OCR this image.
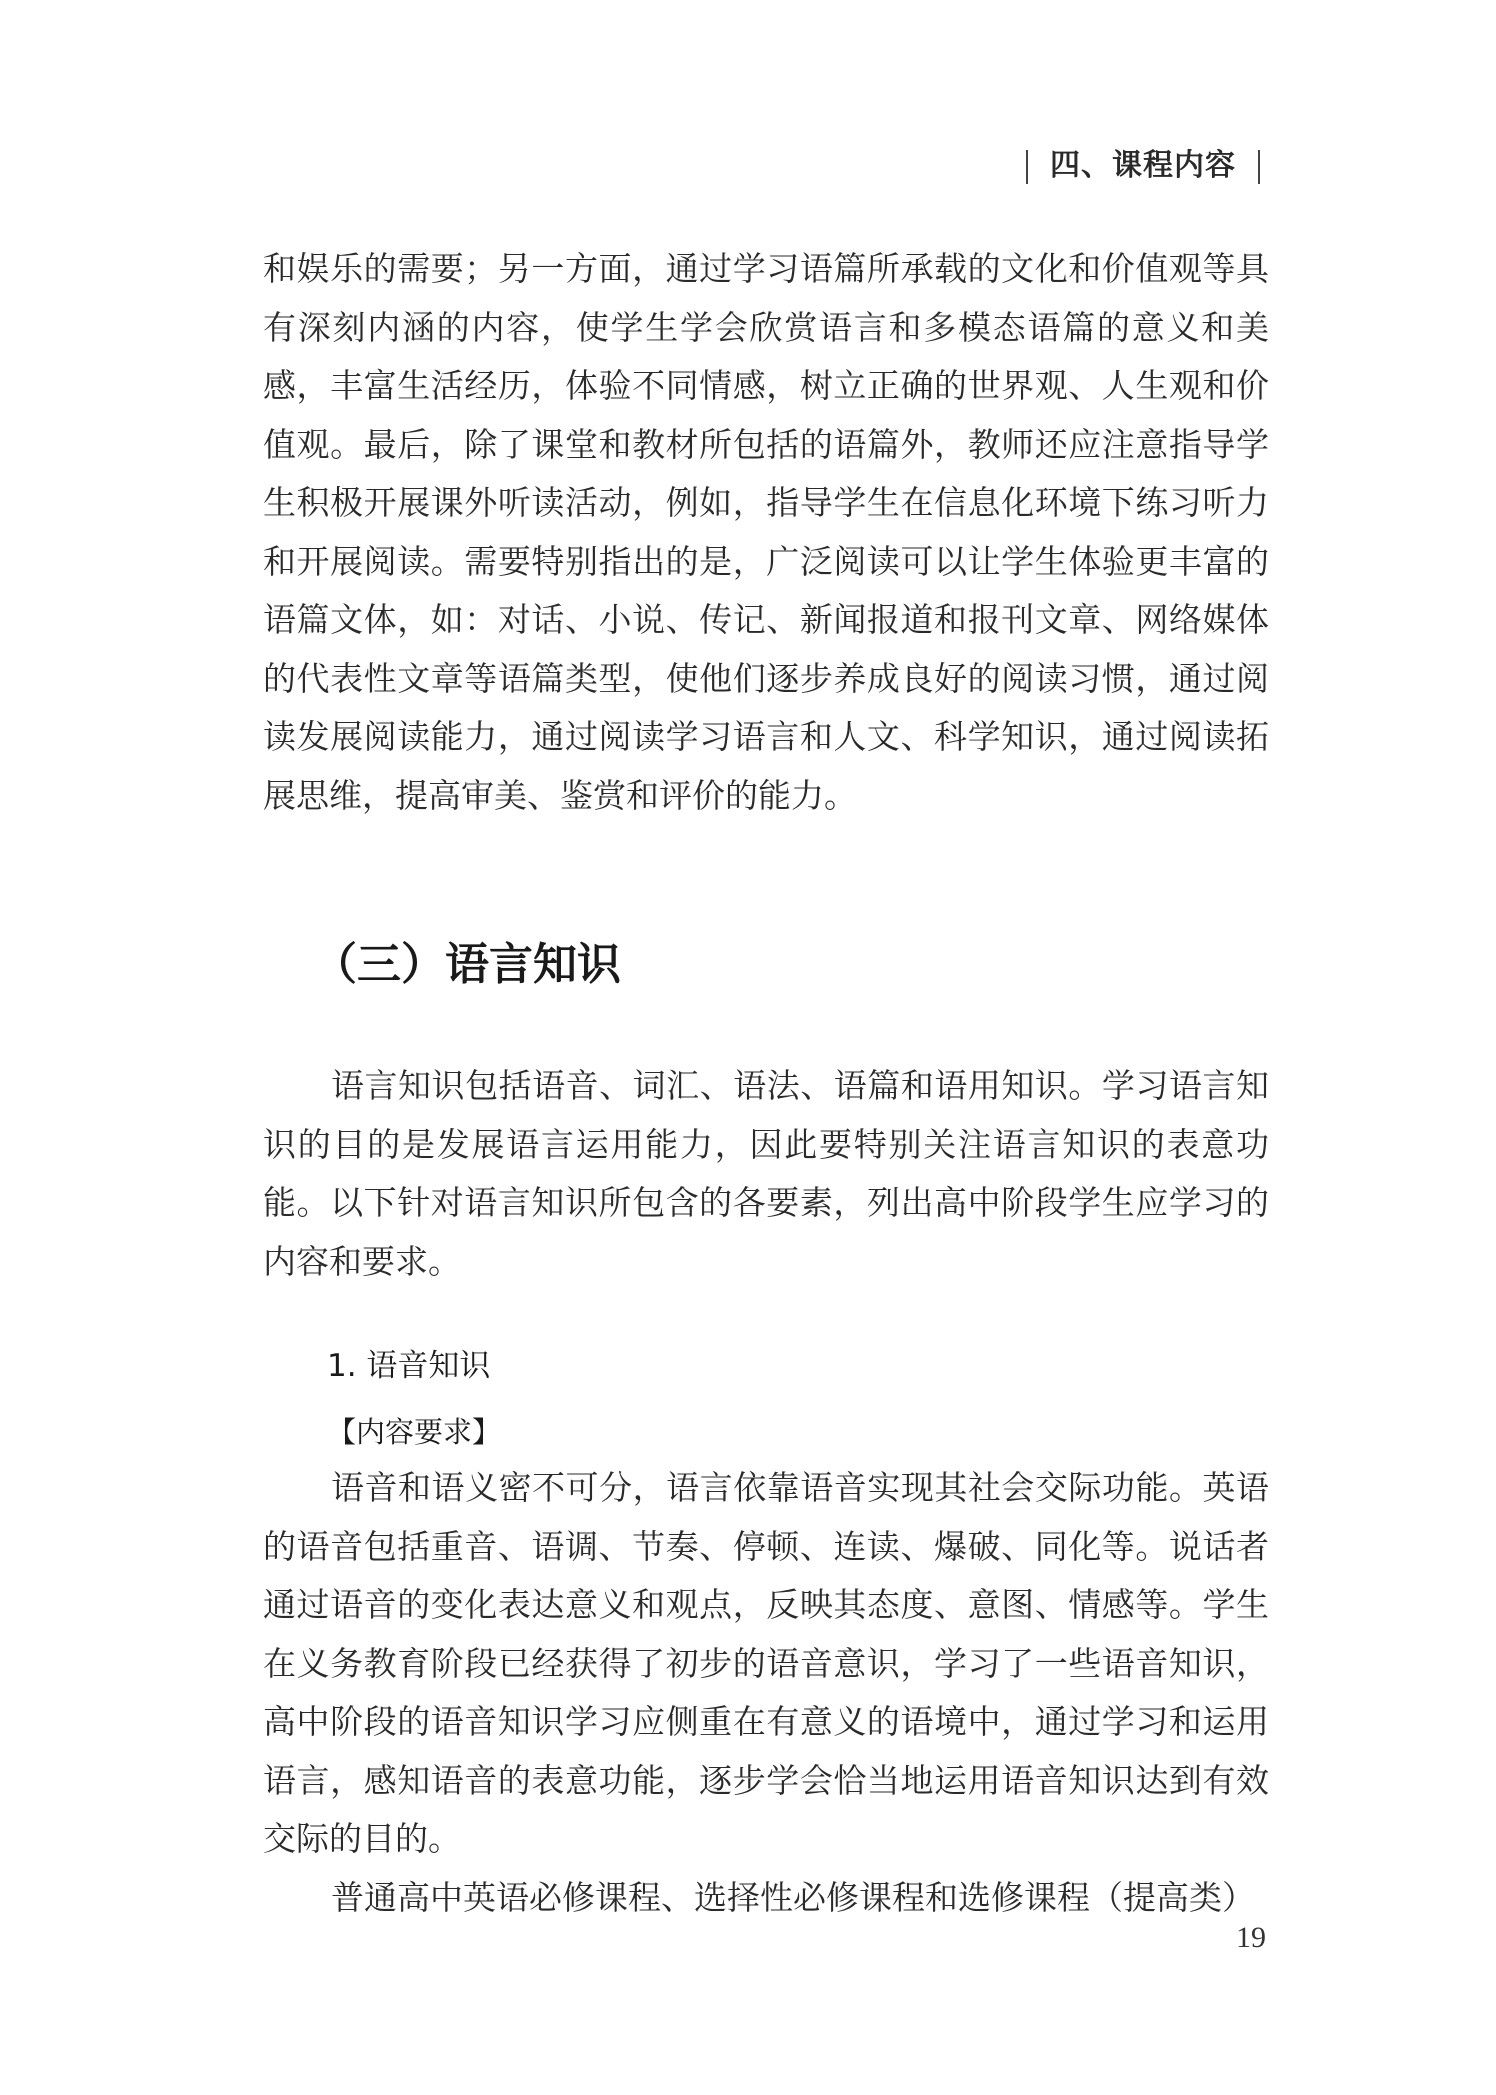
四、课程内容

和娱乐的需要；另一方面，通过学习语篇所承载的文化和价值观等具有深刻内涵的内容，使学生学会欣赏语言和多模态语篇的意义和美感，丰富生活经历，体验不同情感，树立正确的世界观、人生观和价值观。最后，除了课堂和教材所包括的语篇外，教师还应注意指导学生积极开展课外听读活动，例如，指导学生在信息化环境下练习听力和开展阅读。需要特别指出的是，广泛阅读可以让学生体验更丰富的语篇文体，如：对话、小说、传记、新闻报道和报刊文章、网络媒体的代表性文章等语篇类型，使他们逐步养成良好的阅读习惯，通过阅读发展阅读能力，通过阅读学习语言和人文、科学知识，通过阅读拓展思维，提高审美、鉴赏和评价的能力。

（三）语言知识

语言知识包括语音、词汇、语法、语篇和语用知识。学习语言知识的目的是发展语言运用能力，因此要特别关注语言知识的表意功能。以下针对语言知识所包含的各要素，列出高中阶段学生应学习的内容和要求。

1. 语音知识
【内容要求】

语音和语义密不可分，语言依靠语音实现其社会交际功能。英语的语音包括重音、语调、节奏、停顿、连读、爆破、同化等。说话者通过语音的变化表达意义和观点，反映其态度、意图、情感等。学生在义务教育阶段已经获得了初步的语音意识，学习了一些语音知识，高中阶段的语音知识学习应侧重在有意义的语境中，通过学习和运用语言，感知语音的表意功能，逐步学会恰当地运用语音知识达到有效交际的目的。

普通高中英语必修课程、选择性必修课程和选修课程（提高类）

19
